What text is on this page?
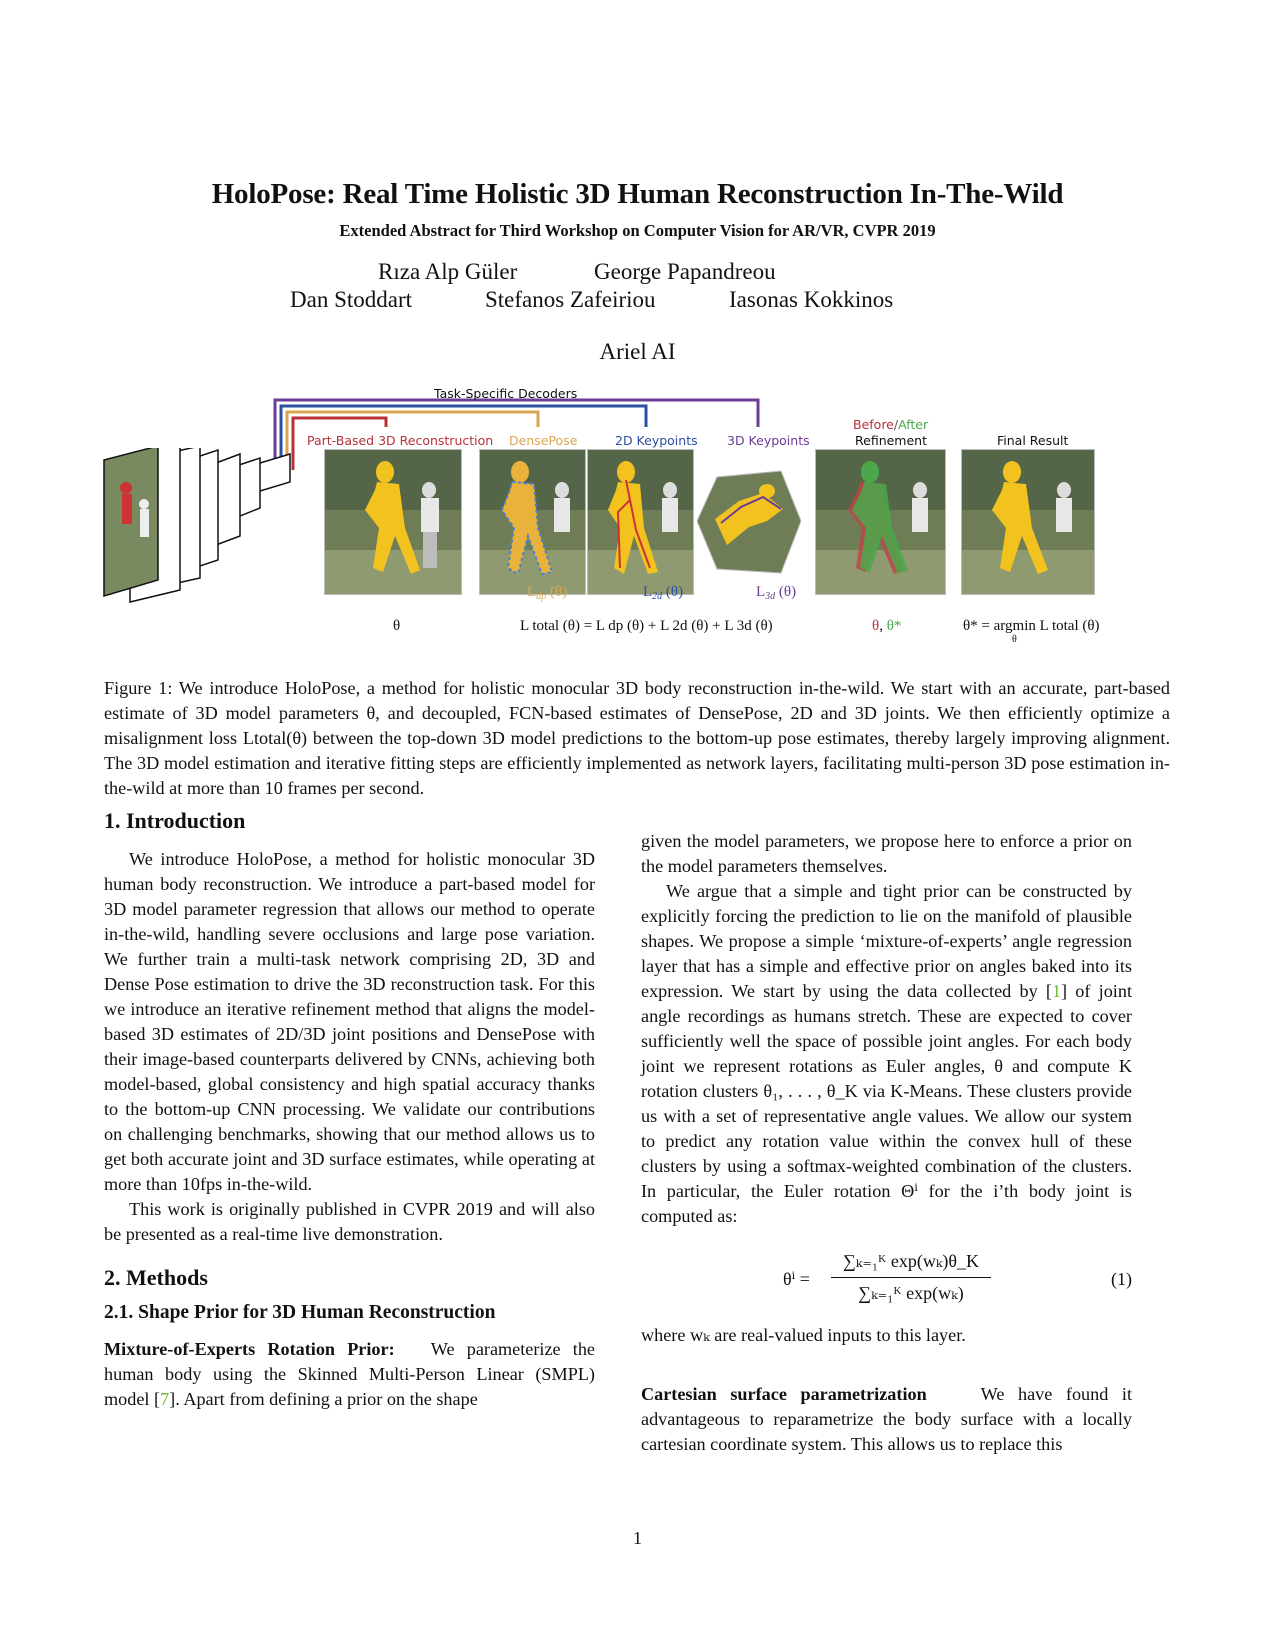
HoloPose: Real Time Holistic 3D Human Reconstruction In-The-Wild
Extended Abstract for Third Workshop on Computer Vision for AR/VR, CVPR 2019
Rıza Alp Güler	George Papandreou
Dan Stoddart	Stefanos Zafeiriou	Iasonas Kokkinos
Ariel AI
Task-Specific Decoders
Part-Based 3D Reconstruction DensePose	2D Keypoints 3D Keypoints
Before/After
Refinement	Final Result
$L_{dp}$ (θ)	$L_{2d}$ (θ)	$L_{3d}$ (θ)
θ	L total (θ) = L dp (θ) + L 2d (θ) + L 3d (θ)	θ, θ*	θ* = argmin L total (θ)
θ
Figure 1: We introduce HoloPose, a method for holistic monocular 3D body reconstruction in-the-wild. We start with an accurate, part-based estimate of 3D model parameters θ, and decoupled, FCN-based estimates of DensePose, 2D and 3D joints. We then efficiently optimize a misalignment loss Ltotal(θ) between the top-down 3D model predictions to the bottom-up pose estimates, thereby largely improving alignment. The 3D model estimation and iterative fitting steps are efficiently implemented as network layers, facilitating multi-person 3D pose estimation in-the-wild at more than 10 frames per second.
1. Introduction

We introduce HoloPose, a method for holistic monocular 3D human body reconstruction. We introduce a part-based model for 3D model parameter regression that allows our method to operate in-the-wild, handling severe occlusions and large pose variation. We further train a multi-task network comprising 2D, 3D and Dense Pose estimation to drive the 3D reconstruction task. For this we introduce an iterative refinement method that aligns the model-based 3D estimates of 2D/3D joint positions and DensePose with their image-based counterparts delivered by CNNs, achieving both model-based, global consistency and high spatial accuracy thanks to the bottom-up CNN processing. We validate our contributions on challenging benchmarks, showing that our method allows us to get both accurate joint and 3D surface estimates, while operating at more than 10fps in-the-wild.

This work is originally published in CVPR 2019 and will also be presented as a real-time live demonstration.

2. Methods
2.1. Shape Prior for 3D Human Reconstruction

Mixture-of-Experts Rotation Prior: We parameterize the human body using the Skinned Multi-Person Linear (SMPL) model [7]. Apart from defining a prior on the shape

given the model parameters, we propose here to enforce a prior on the model parameters themselves.

We argue that a simple and tight prior can be constructed by explicitly forcing the prediction to lie on the manifold of plausible shapes. We propose a simple ‘mixture-of-experts’ angle regression layer that has a simple and effective prior on angles baked into its expression. We start by using the data collected by [1] of joint angle recordings as humans stretch. These are expected to cover sufficiently well the space of possible joint angles. For each body joint we represent rotations as Euler angles, θ and compute K rotation clusters θ₁, . . . , θ_K via K-Means. These clusters provide us with a set of representative angle values. We allow our system to predict any rotation value within the convex hull of these clusters by using a softmax-weighted combination of the clusters. In particular, the Euler rotation Θⁱ for the i’th body joint is computed as:

θⁱ =
∑ₖ₌₁ᴷ exp(wₖ)θ_K
∑ₖ₌₁ᴷ exp(wₖ)
(1)

where wₖ are real-valued inputs to this layer.

Cartesian surface parametrization	We have found it advantageous to reparametrize the body surface with a locally cartesian coordinate system. This allows us to replace this

1
